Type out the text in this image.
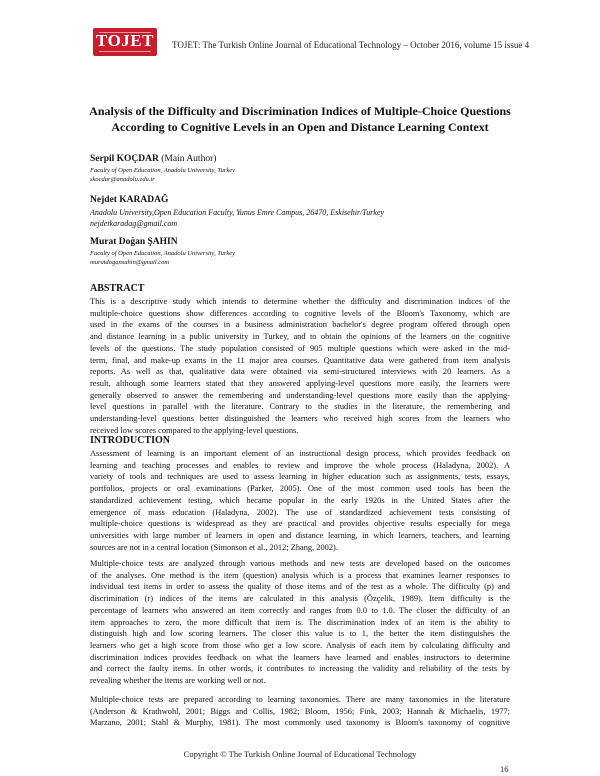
TOJET	TOJET: The Turkish Online Journal of Educational Technology – October 2016, volume 15 issue 4
Analysis of the Difficulty and Discrimination Indices of Multiple-Choice Questions
According to Cognitive Levels in an Open and Distance Learning Context
Serpil KOÇDAR (Main Author)
Faculty of Open Education, Anadolu University, Turkey
skocdar@anadolu.edu.tr
Nejdet KARADAĞ
Anadolu University,Open Education Faculty, Yunus Emre Campus, 26470, Eskisehir/Turkey
nejdetkaradag@gmail.com
Murat Doğan ŞAHIN
Faculty of Open Education, Anadolu University, Turkey
muratdogansahin@gmail.com
ABSTRACT
This is a descriptive study which intends to determine whether the difficulty and discrimination indices of the
multiple-choice questions show differences according to cognitive levels of the Bloom's Taxonomy, which are
used in the exams of the courses in a business administration bachelor's degree program offered through open
and distance learning in a public university in Turkey, and to obtain the opinions of the learners on the cognitive
levels of the questions. The study population consisted of 905 multiple questions which were asked in the mid-
term, final, and make-up exams in the 11 major area courses. Quantitative data were gathered from item analysis
reports. As well as that, qualitative data were obtained via semi-structured interviews with 20 learners. As a
result, although some learners stated that they answered applying-level questions more easily, the learners were
generally observed to answer the remembering and understanding-level questions more easily than the applying-
level questions in parallel with the literature. Contrary to the studies in the literature, the remembering and
understanding-level questions better distinguished the learners who received high scores from the learners who
received low scores compared to the applying-level questions.
INTRODUCTION
Assessment of learning is an important element of an instructional design process, which provides feedback on
learning and teaching processes and enables to review and improve the whole process (Haladyna, 2002). A
variety of tools and techniques are used to assess learning in higher education such as assignments, tests, essays,
portfolios, projects or oral examinations (Parker, 2005). One of the most common used tools has been the
standardized achievement testing, which became popular in the early 1920s in the United States after the
emergence of mass education (Haladyna, 2002). The use of standardized achievement tests consisting of
multiple-choice questions is widespread as they are practical and provides objective results especially for mega
universities with large number of learners in open and distance learning, in which learners, teachers, and learning
sources are not in a central location (Simonson et al., 2012; Zhang, 2002).
Multiple-choice tests are analyzed through various methods and new tests are developed based on the outcomes
of the analyses. One method is the item (question) analysis which is a process that examines learner responses to
individual test items in order to assess the quality of those items and of the test as a whole. The difficulty (p) and
discrimination (r) indices of the items are calculated in this analysis (Özçelik, 1989). Item difficulty is the
percentage of learners who answered an item correctly and ranges from 0.0 to 1.0. The closer the difficulty of an
item approaches to zero, the more difficult that item is. The discrimination index of an item is the ability to
distinguish high and low scoring learners. The closer this value is to 1, the better the item distinguishes the
learners who get a high score from those who get a low score. Analysis of each item by calculating difficulty and
discrimination indices provides feedback on what the learners have learned and enables instructors to determine
and correct the faulty items. In other words, it contributes to increasing the validity and reliability of the tests by
revealing whether the items are working well or not.
Multiple-choice tests are prepared according to learning taxonomies. There are many taxonomies in the literature
(Anderson & Krathwohl, 2001; Biggs and Collis, 1982; Bloom, 1956; Fink, 2003; Hannah & Michaelis, 1977;
Marzano, 2001; Stahl & Murphy, 1981). The most commonly used taxonomy is Bloom's taxonomy of cognitive
Copyright © The Turkish Online Journal of Educational Technology
16
